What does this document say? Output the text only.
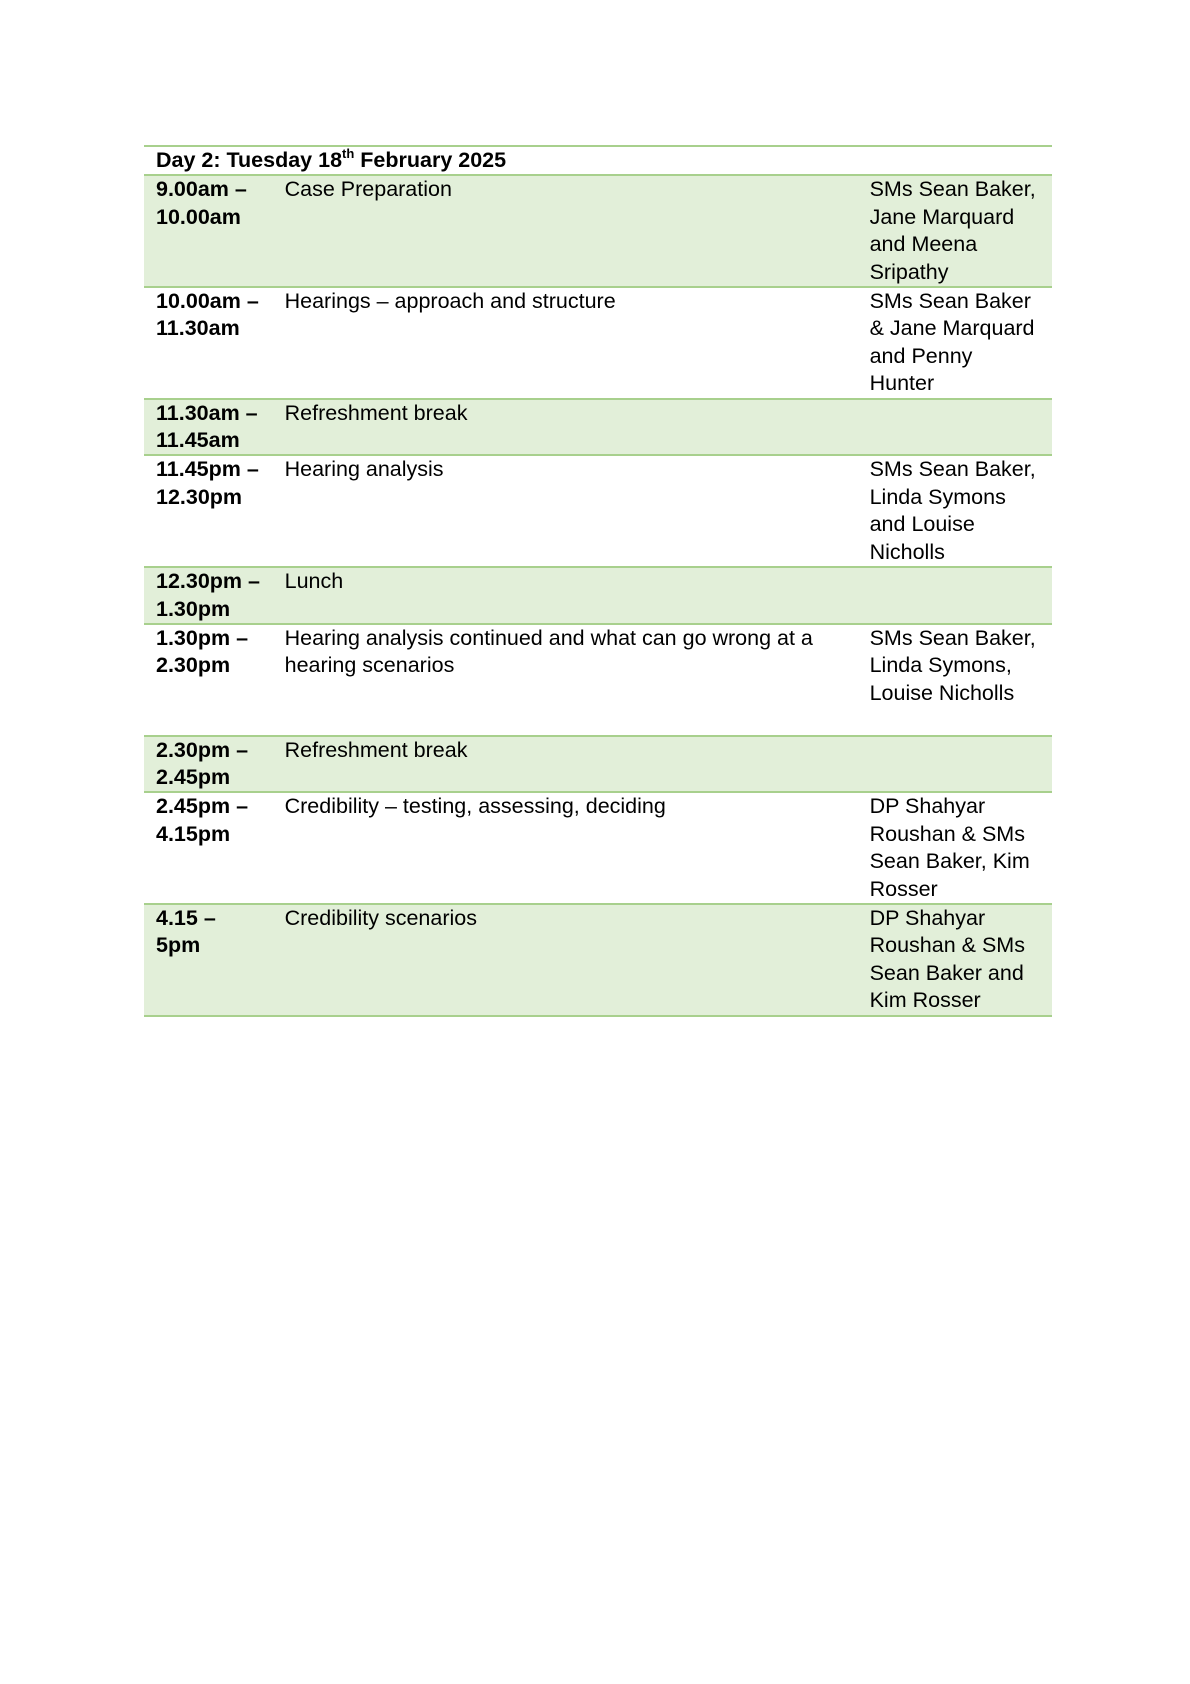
Day 2: Tuesday 18th February 2025		
9.00am – 10.00am	Case Preparation	SMs Sean Baker, Jane Marquard and Meena Sripathy
10.00am – 11.30am	Hearings – approach and structure	SMs Sean Baker & Jane Marquard and Penny Hunter
11.30am – 11.45am	Refreshment break	
11.45pm –12.30pm	Hearing analysis	SMs Sean Baker, Linda Symons and Louise Nicholls
12.30pm – 1.30pm	Lunch	
1.30pm – 2.30pm	Hearing analysis continued and what can go wrong at a hearing scenarios	SMs Sean Baker, Linda Symons, Louise Nicholls
2.30pm – 2.45pm	Refreshment break	
2.45pm – 4.15pm	Credibility – testing, assessing, deciding	DP Shahyar Roushan & SMs Sean Baker, Kim Rosser
4.15 – 5pm	Credibility scenarios	DP Shahyar Roushan & SMs Sean Baker and Kim Rosser
